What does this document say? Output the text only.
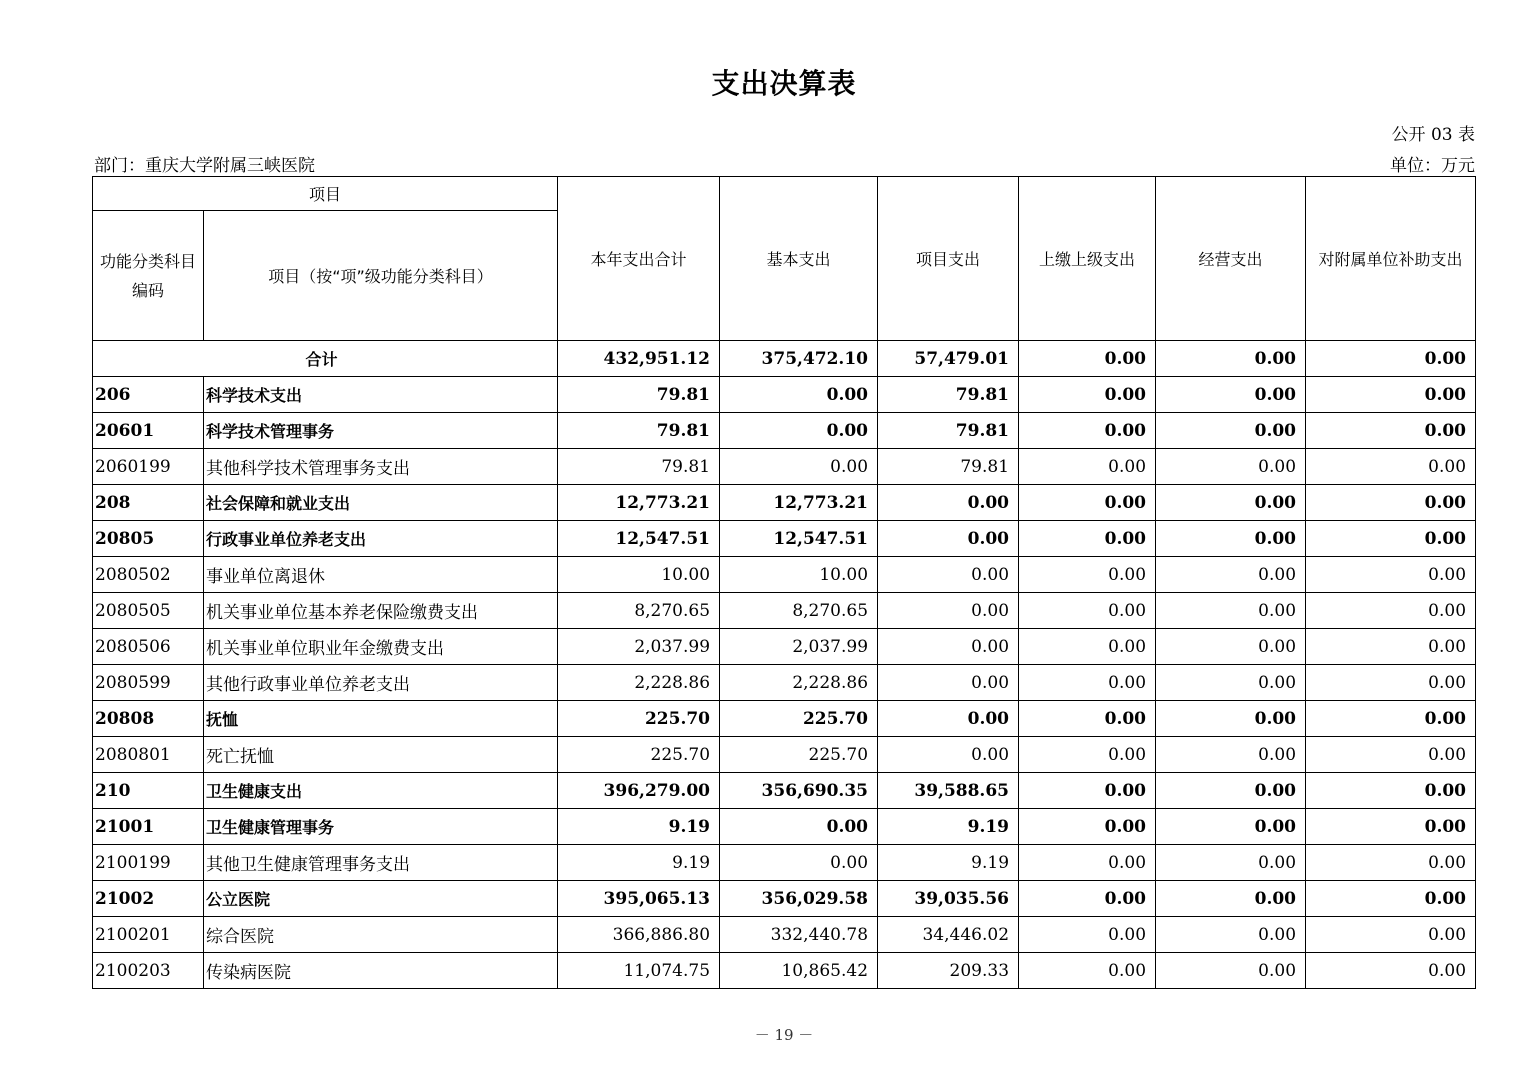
支出决算表
公开 03 表
部门：重庆大学附属三峡医院	单位：万元
项目		本年支出合计	基本支出	项目支出	上缴上级支出	经营支出	对附属单位补助支出
功能分类科目编码	项目（按“项”级功能分类科目）						
合计		432,951.12	375,472.10	57,479.01	0.00	0.00	0.00
206	科学技术支出	79.81	0.00	79.81	0.00	0.00	0.00
20601	科学技术管理事务	79.81	0.00	79.81	0.00	0.00	0.00
2060199	其他科学技术管理事务支出	79.81	0.00	79.81	0.00	0.00	0.00
208	社会保障和就业支出	12,773.21	12,773.21	0.00	0.00	0.00	0.00
20805	行政事业单位养老支出	12,547.51	12,547.51	0.00	0.00	0.00	0.00
2080502	事业单位离退休	10.00	10.00	0.00	0.00	0.00	0.00
2080505	机关事业单位基本养老保险缴费支出	8,270.65	8,270.65	0.00	0.00	0.00	0.00
2080506	机关事业单位职业年金缴费支出	2,037.99	2,037.99	0.00	0.00	0.00	0.00
2080599	其他行政事业单位养老支出	2,228.86	2,228.86	0.00	0.00	0.00	0.00
20808	抚恤	225.70	225.70	0.00	0.00	0.00	0.00
2080801	死亡抚恤	225.70	225.70	0.00	0.00	0.00	0.00
210	卫生健康支出	396,279.00	356,690.35	39,588.65	0.00	0.00	0.00
21001	卫生健康管理事务	9.19	0.00	9.19	0.00	0.00	0.00
2100199	其他卫生健康管理事务支出	9.19	0.00	9.19	0.00	0.00	0.00
21002	公立医院	395,065.13	356,029.58	39,035.56	0.00	0.00	0.00
2100201	综合医院	366,886.80	332,440.78	34,446.02	0.00	0.00	0.00
2100203	传染病医院	11,074.75	10,865.42	209.33	0.00	0.00	0.00
－ 19 －
